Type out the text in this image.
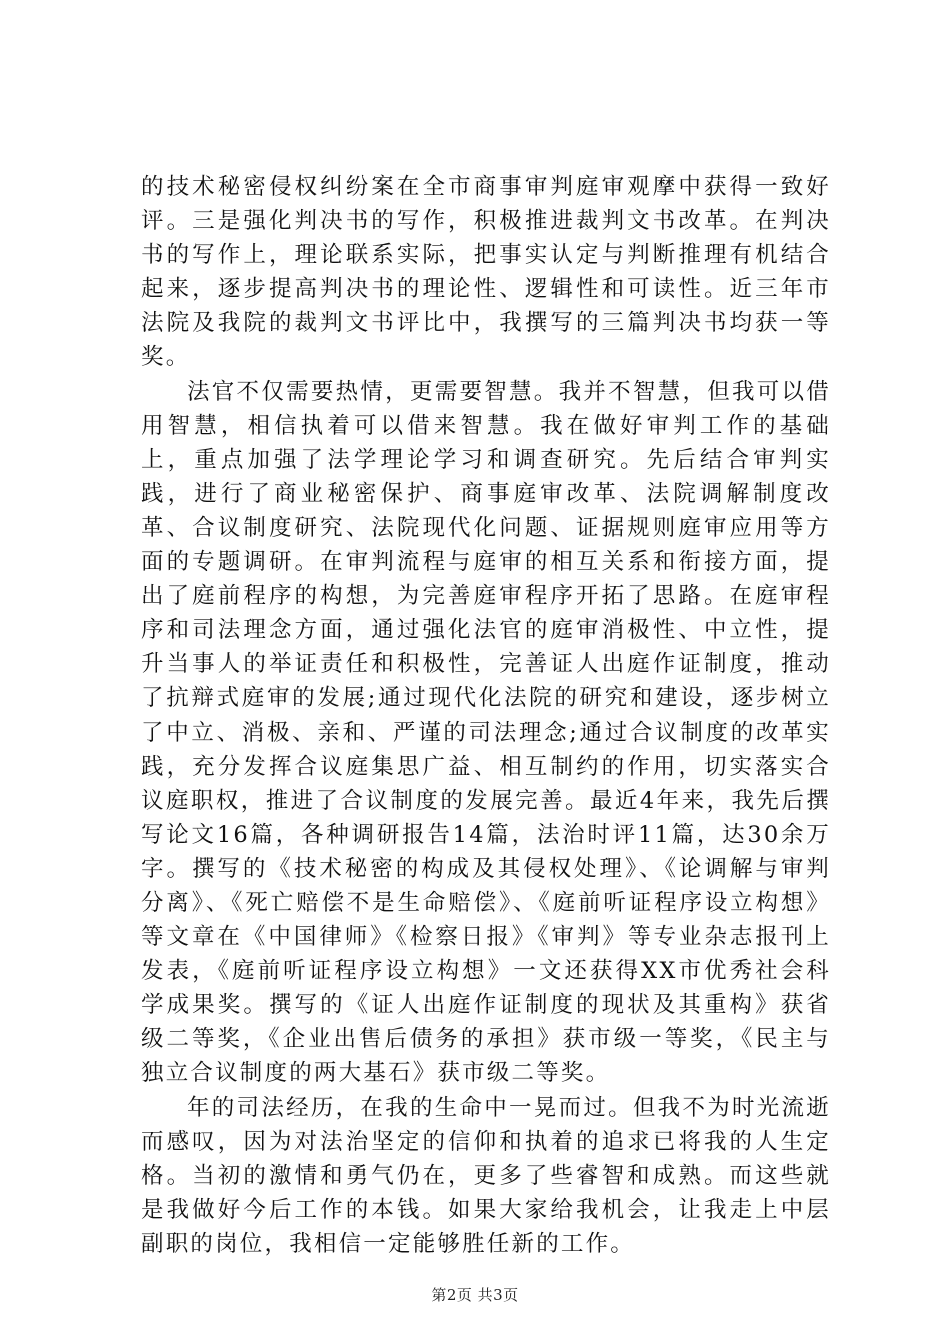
的技术秘密侵权纠纷案在全市商事审判庭审观摩中获得一致好评。三是强化判决书的写作，积极推进裁判文书改革。在判决书的写作上，理论联系实际，把事实认定与判断推理有机结合起来，逐步提高判决书的理论性、逻辑性和可读性。近三年市法院及我院的裁判文书评比中，我撰写的三篇判决书均获一等奖。

法官不仅需要热情，更需要智慧。我并不智慧，但我可以借用智慧，相信执着可以借来智慧。我在做好审判工作的基础上，重点加强了法学理论学习和调查研究。先后结合审判实践，进行了商业秘密保护、商事庭审改革、法院调解制度改革、合议制度研究、法院现代化问题、证据规则庭审应用等方面的专题调研。在审判流程与庭审的相互关系和衔接方面，提出了庭前程序的构想，为完善庭审程序开拓了思路。在庭审程序和司法理念方面，通过强化法官的庭审消极性、中立性，提升当事人的举证责任和积极性，完善证人出庭作证制度，推动了抗辩式庭审的发展;通过现代化法院的研究和建设，逐步树立了中立、消极、亲和、严谨的司法理念;通过合议制度的改革实践，充分发挥合议庭集思广益、相互制约的作用，切实落实合议庭职权，推进了合议制度的发展完善。最近4年来，我先后撰写论文16篇，各种调研报告14篇，法治时评11篇，达30余万字。撰写的《技术秘密的构成及其侵权处理》、《论调解与审判分离》、《死亡赔偿不是生命赔偿》、《庭前听证程序设立构想》等文章在《中国律师》《检察日报》《审判》等专业杂志报刊上发表，《庭前听证程序设立构想》一文还获得XX市优秀社会科学成果奖。撰写的《证人出庭作证制度的现状及其重构》获省级二等奖，《企业出售后债务的承担》获市级一等奖，《民主与独立合议制度的两大基石》获市级二等奖。

年的司法经历，在我的生命中一晃而过。但我不为时光流逝而感叹，因为对法治坚定的信仰和执着的追求已将我的人生定格。当初的激情和勇气仍在，更多了些睿智和成熟。而这些就是我做好今后工作的本钱。如果大家给我机会，让我走上中层副职的岗位，我相信一定能够胜任新的工作。

第2页 共3页
